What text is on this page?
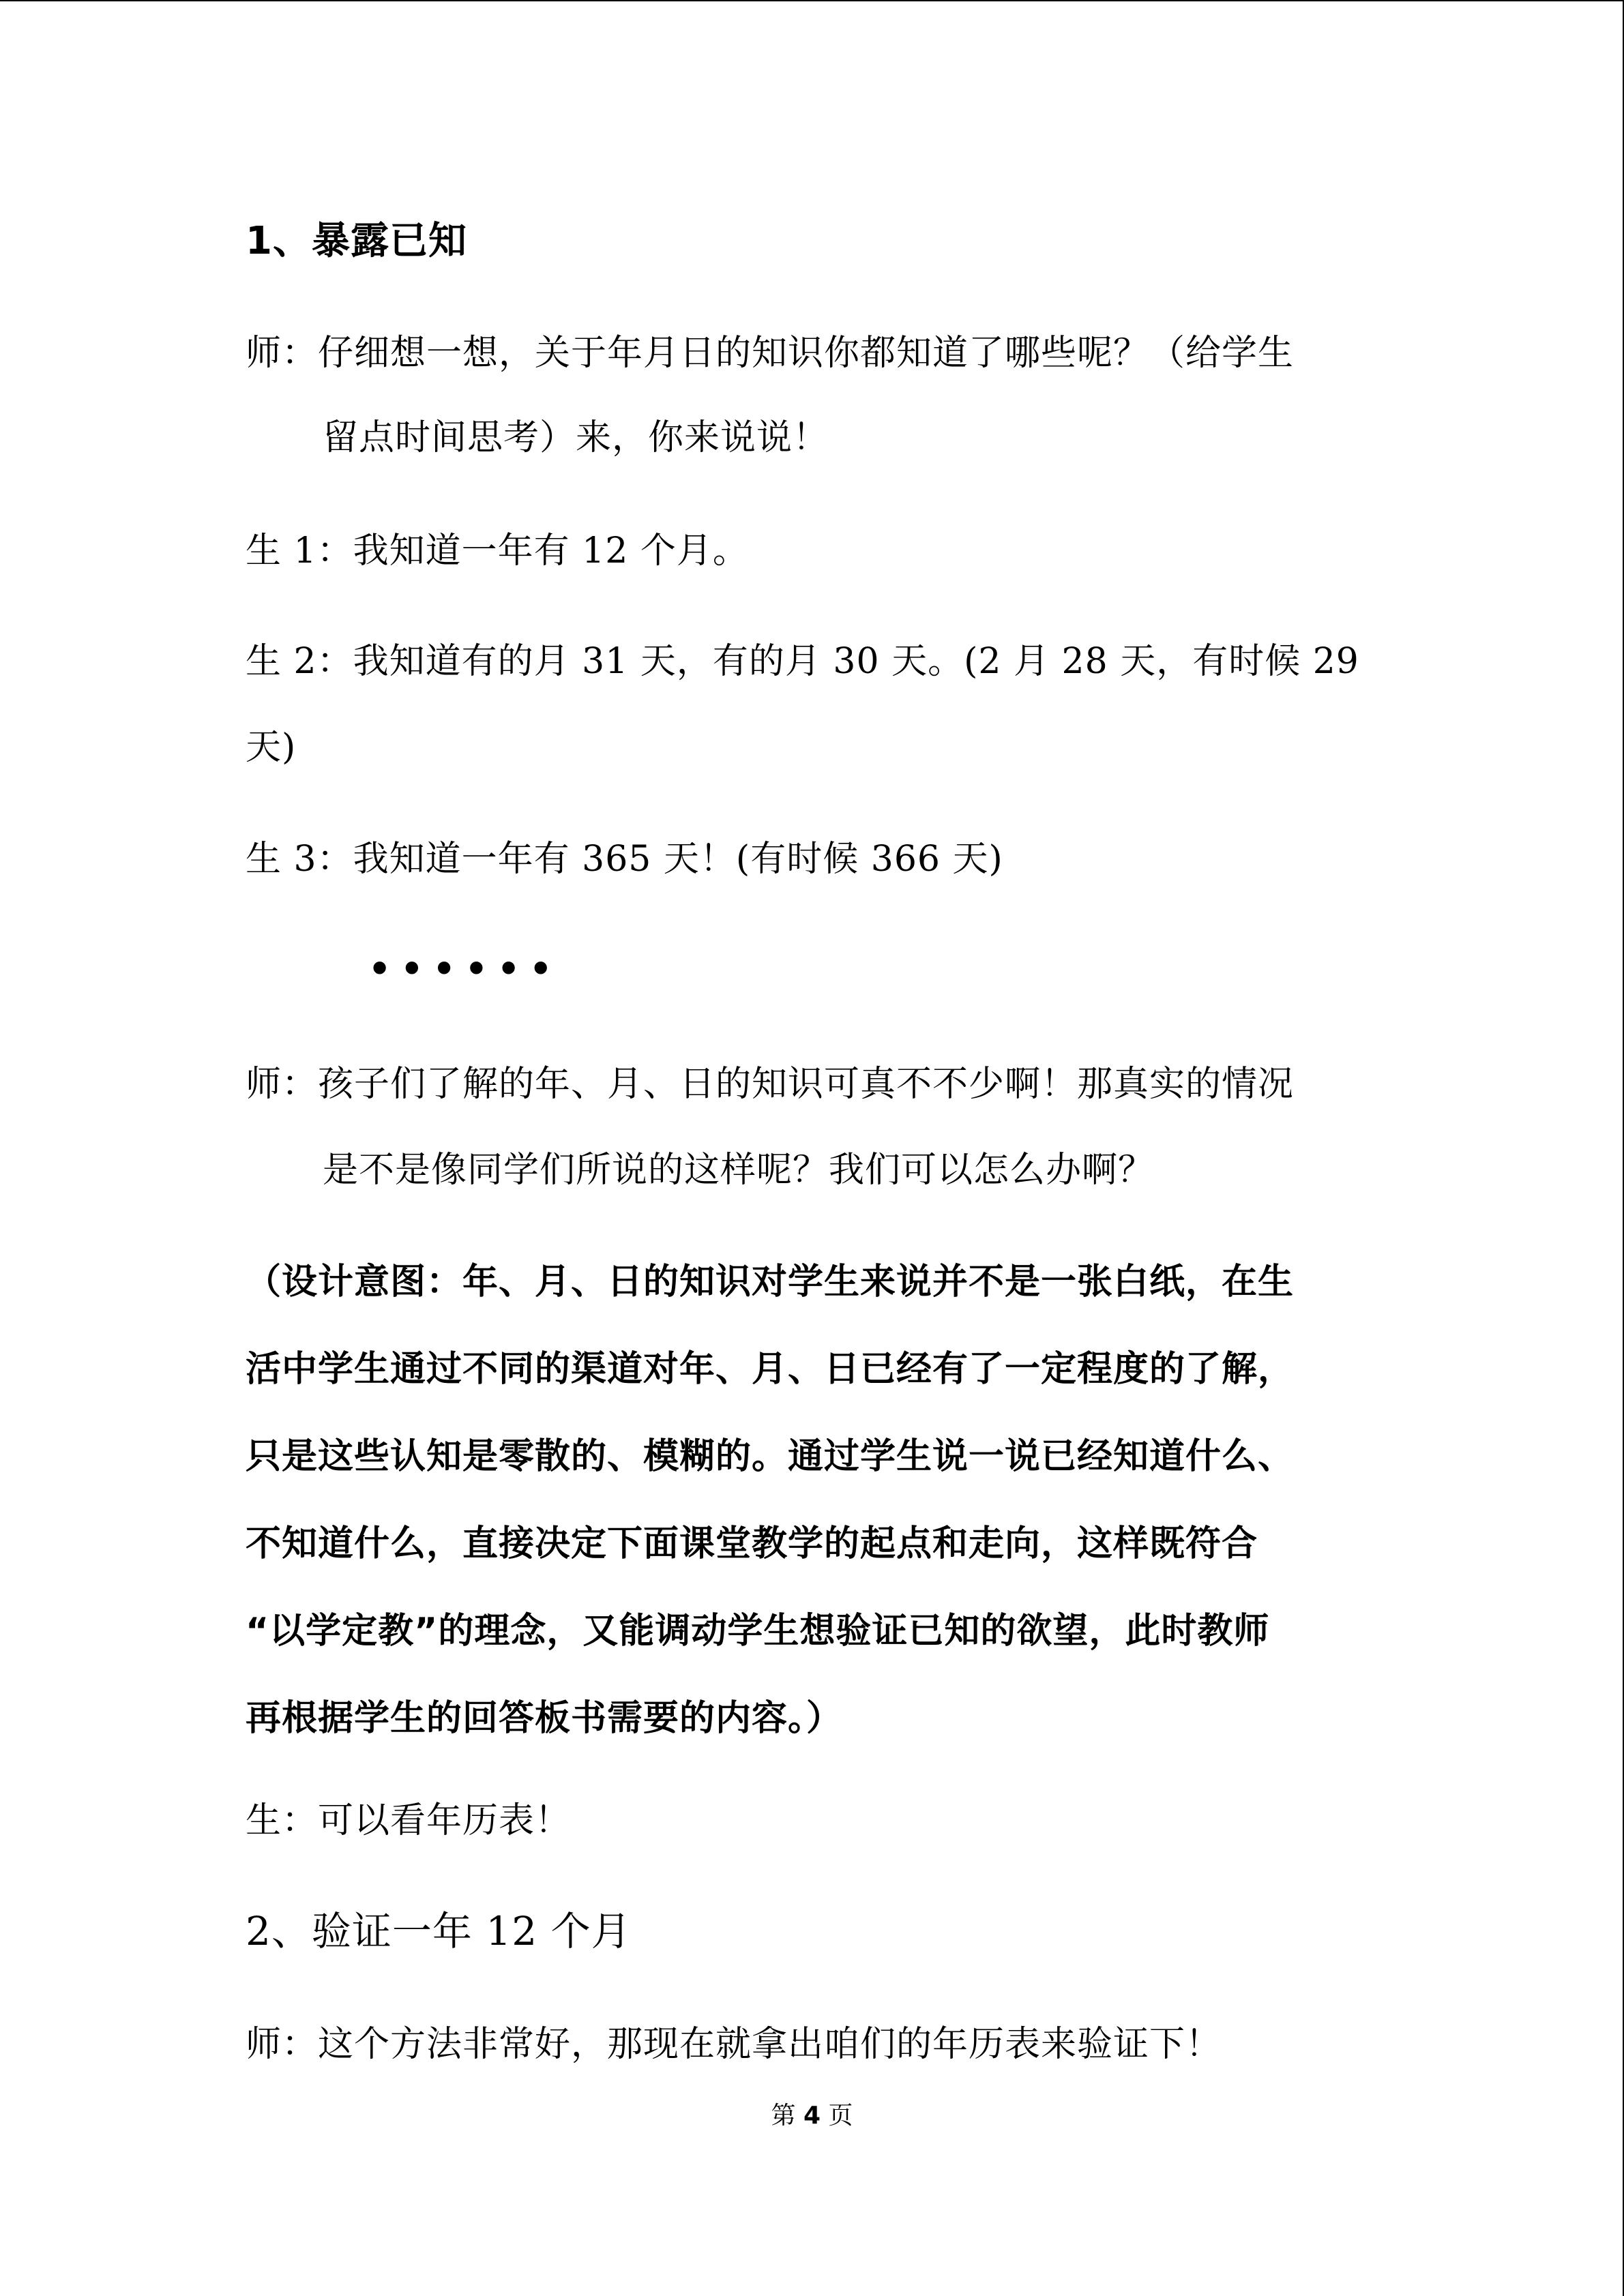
1、暴露已知
师：仔细想一想，关于年月日的知识你都知道了哪些呢？（给学生
留点时间思考）来，你来说说！
生 1：我知道一年有 12 个月。
生 2：我知道有的月 31 天，有的月 30 天。(2 月 28 天，有时候 29
天)
生 3：我知道一年有 365 天！(有时候 366 天)
••••••
师：孩子们了解的年、月、日的知识可真不不少啊！那真实的情况
是不是像同学们所说的这样呢？我们可以怎么办啊？
（设计意图：年、月、日的知识对学生来说并不是一张白纸，在生
活中学生通过不同的渠道对年、月、日已经有了一定程度的了解，
只是这些认知是零散的、模糊的。通过学生说一说已经知道什么、
不知道什么，直接决定下面课堂教学的起点和走向，这样既符合
“以学定教”的理念，又能调动学生想验证已知的欲望，此时教师
再根据学生的回答板书需要的内容。）
生：可以看年历表！
2、验证一年 12 个月
师：这个方法非常好，那现在就拿出咱们的年历表来验证下！
第 4 页
